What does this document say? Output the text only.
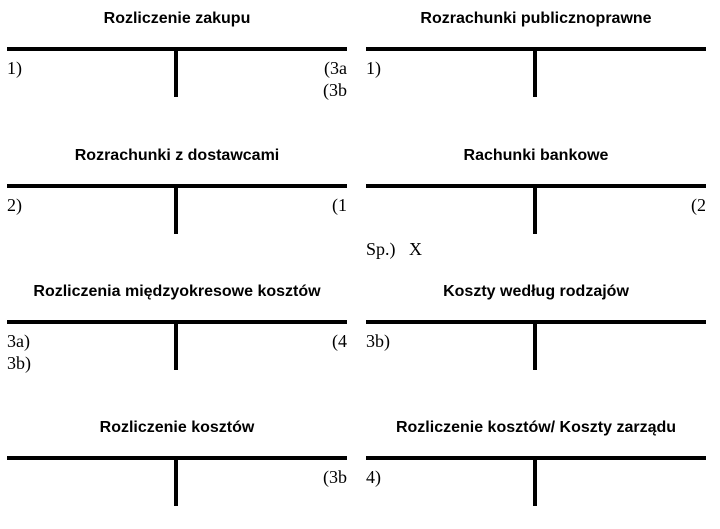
Rozliczenie zakupu
1)	(3a
(3b
Rozrachunki publicznoprawne
1)
Rozrachunki z dostawcami
2)	(1
Rachunki bankowe

Sp.)   X

(2
Rozliczenia międzyokresowe kosztów
3a)
3b)
(4
Koszty według rodzajów
3b)
Rozliczenie kosztów
(3b
Rozliczenie kosztów/ Koszty zarządu
4)
